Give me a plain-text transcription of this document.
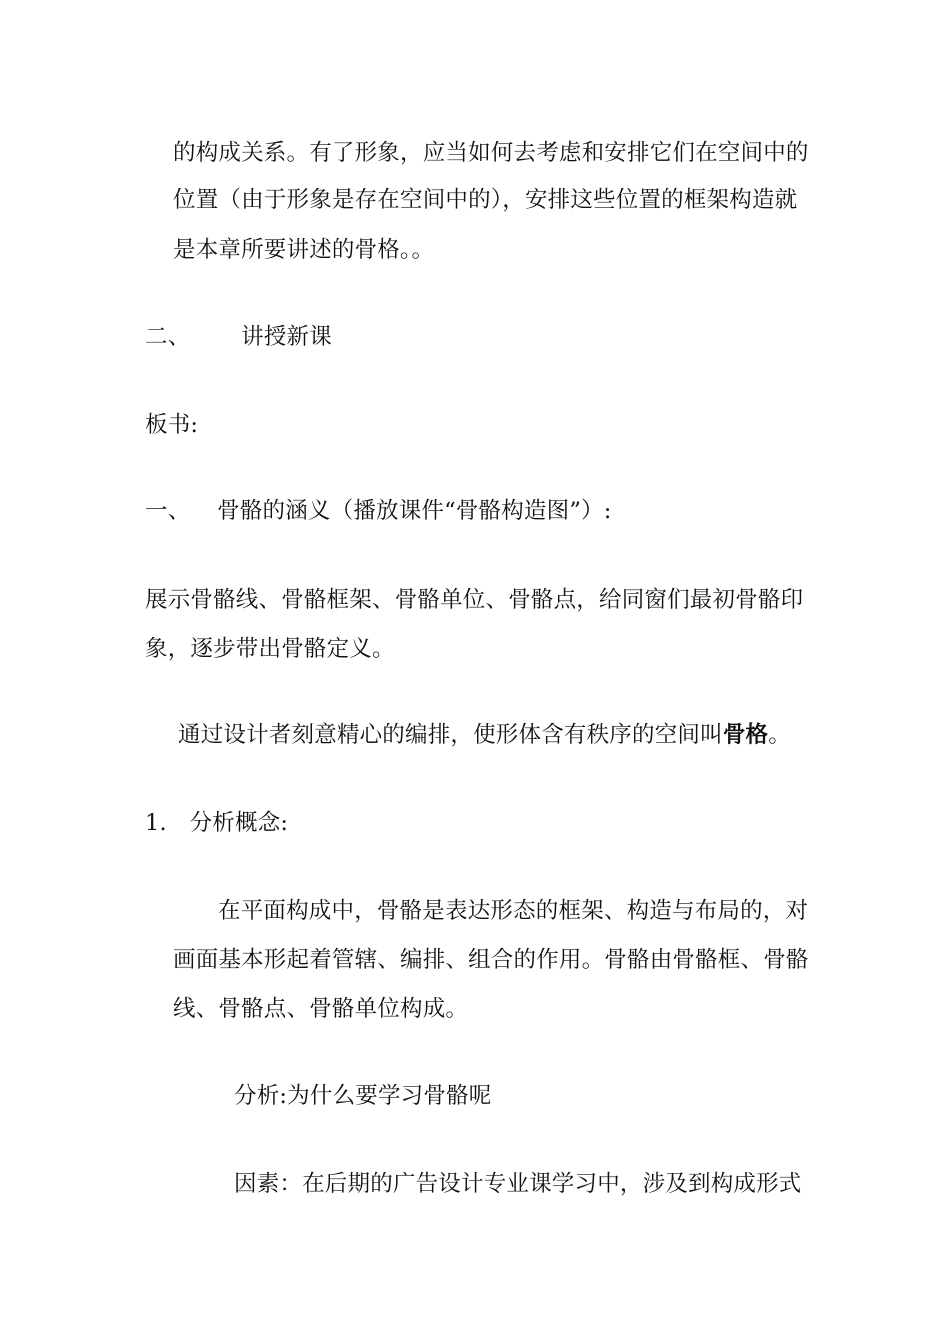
的构成关系。有了形象，应当如何去考虑和安排它们在空间中的
位置（由于形象是存在空间中的），安排这些位置的框架构造就
是本章所要讲述的骨格。。
二、 讲授新课
板书:
一、 骨骼的涵义（播放课件“骨骼构造图”）:
展示骨骼线、骨骼框架、骨骼单位、骨骼点，给同窗们最初骨骼印
象，逐步带出骨骼定义。
通过设计者刻意精心的编排，使形体含有秩序的空间叫骨格。
1. 分析概念:
在平面构成中，骨骼是表达形态的框架、构造与布局的，对
画面基本形起着管辖、编排、组合的作用。骨骼由骨骼框、骨骼
线、骨骼点、骨骼单位构成。
分析:为什么要学习骨骼呢
因素：在后期的广告设计专业课学习中，涉及到构成形式
